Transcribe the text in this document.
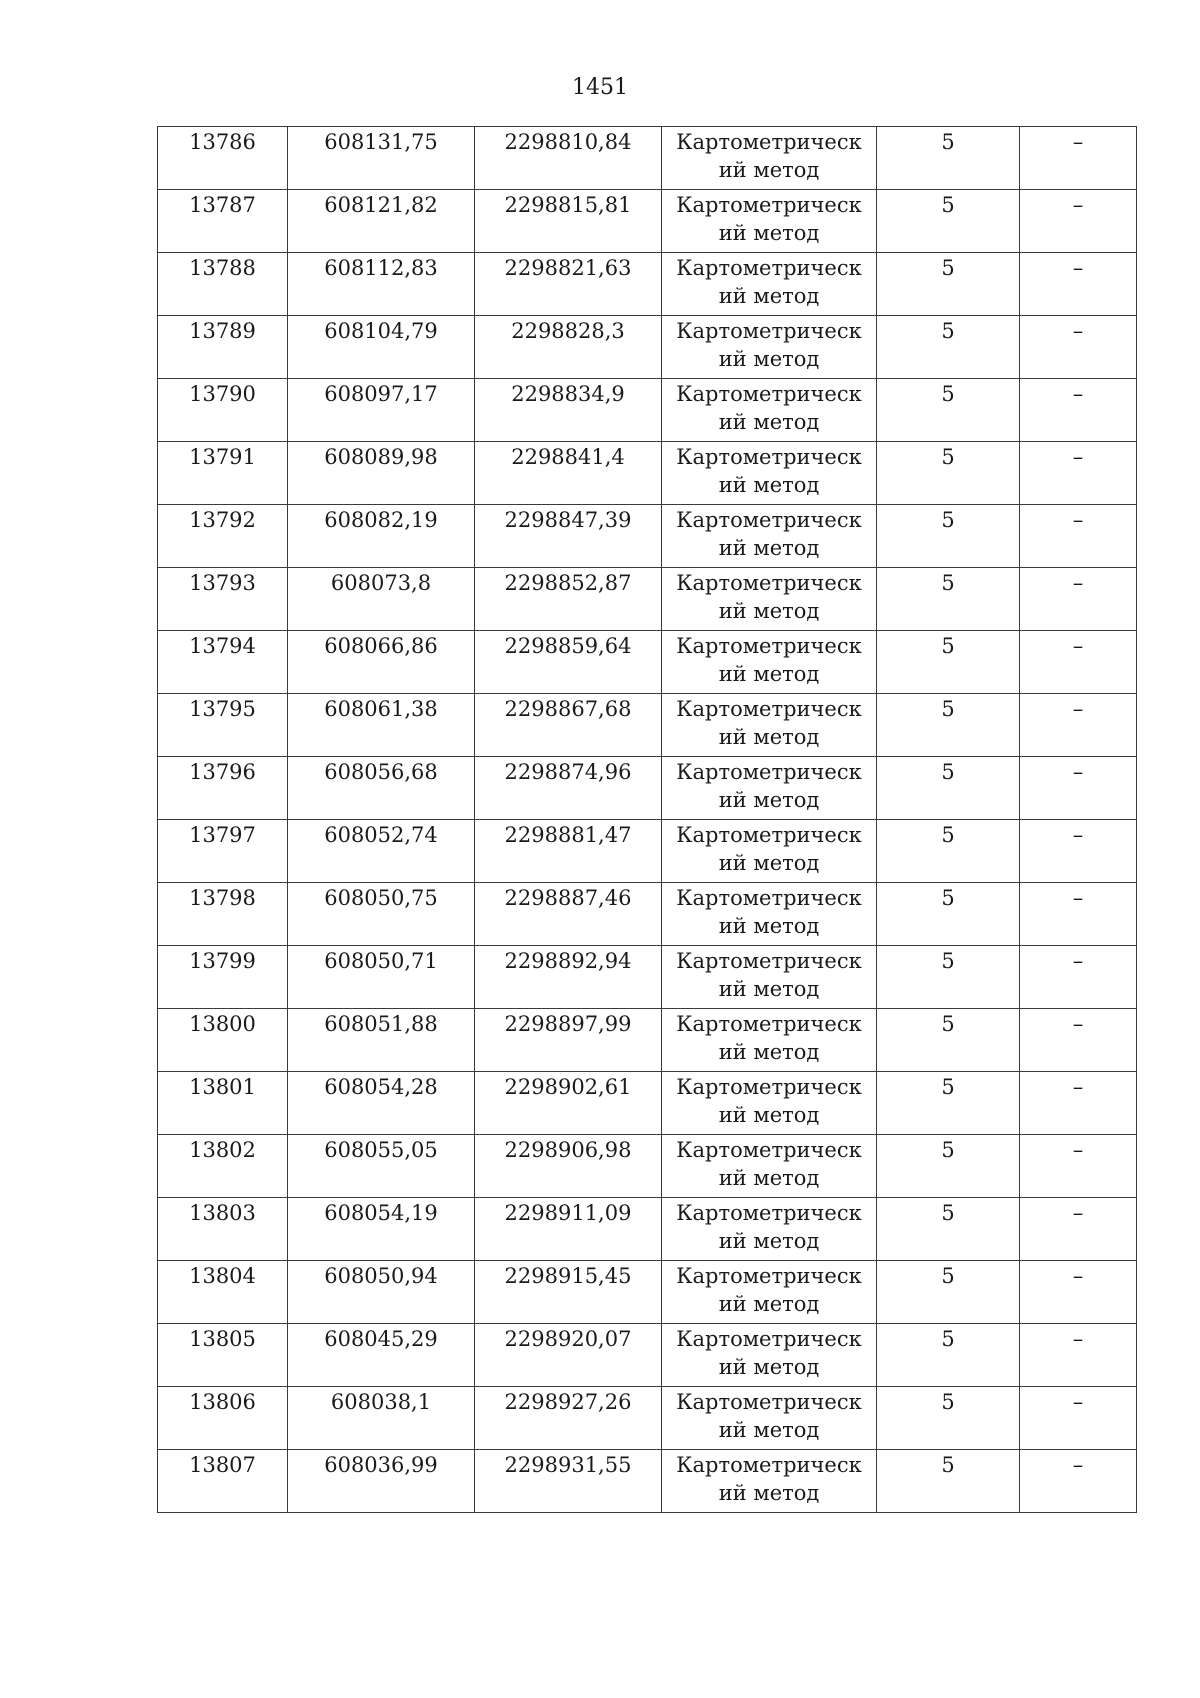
1451
13786	608131,75	2298810,84	Картометрический метод	5	–

13787	608121,82	2298815,81	Картометрический метод	5	–

13788	608112,83	2298821,63	Картометрический метод	5	–

13789	608104,79	2298828,3	Картометрический метод	5	–

13790	608097,17	2298834,9	Картометрический метод	5	–

13791	608089,98	2298841,4	Картометрический метод	5	–

13792	608082,19	2298847,39	Картометрический метод	5	–

13793	608073,8	2298852,87	Картометрический метод	5	–

13794	608066,86	2298859,64	Картометрический метод	5	–

13795	608061,38	2298867,68	Картометрический метод	5	–

13796	608056,68	2298874,96	Картометрический метод	5	–

13797	608052,74	2298881,47	Картометрический метод	5	–

13798	608050,75	2298887,46	Картометрический метод	5	–

13799	608050,71	2298892,94	Картометрический метод	5	–

13800	608051,88	2298897,99	Картометрический метод	5	–

13801	608054,28	2298902,61	Картометрический метод	5	–

13802	608055,05	2298906,98	Картометрический метод	5	–

13803	608054,19	2298911,09	Картометрический метод	5	–

13804	608050,94	2298915,45	Картометрический метод	5	–

13805	608045,29	2298920,07	Картометрический метод	5	–

13806	608038,1	2298927,26	Картометрический метод	5	–

13807	608036,99	2298931,55	Картометрический метод	5	–
